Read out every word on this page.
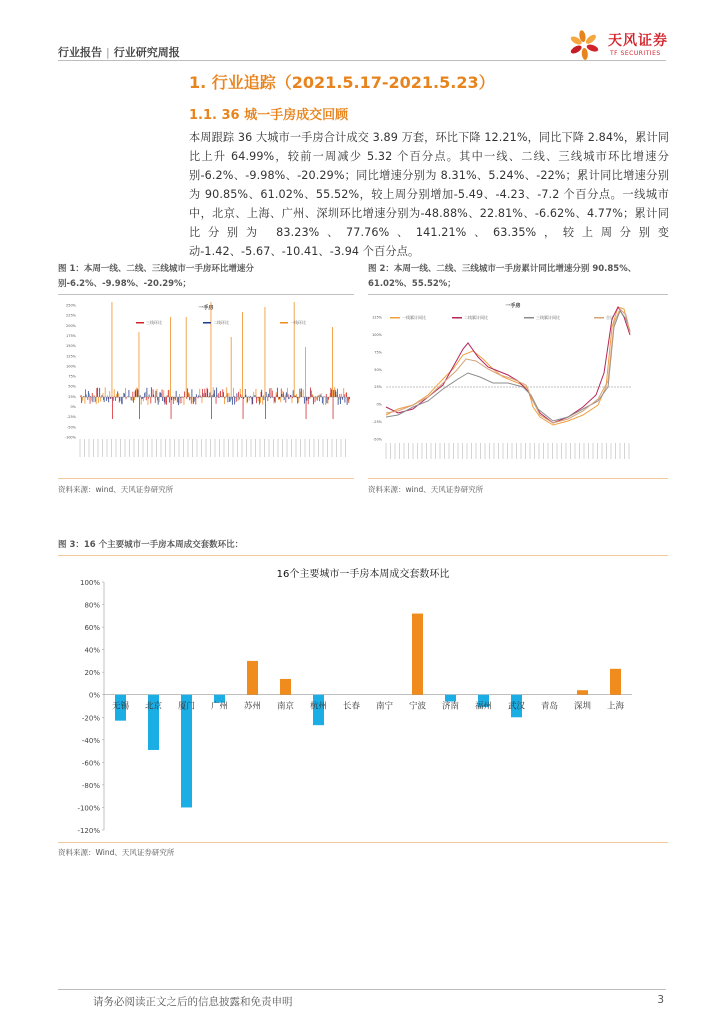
行业报告 | 行业研究周报
天风证券
TF SECURITIES
1. 行业追踪（2021.5.17-2021.5.23）
1.1. 36 城一手房成交回顾
本周跟踪 36 大城市一手房合计成交 3.89 万套，环比下降 12.21%，同比下降 2.84%，累计同比上升 64.99%，较前一周减少 5.32 个百分点。其中一线、二线、三线城市环比增速分别-6.2%、-9.98%、-20.29%；同比增速分别为 8.31%、5.24%、-22%；累计同比增速分别为 90.85%、61.02%、55.52%，较上周分别增加-5.49、-4.23、-7.2 个百分点。一线城市中，北京、上海、广州、深圳环比增速分别为-48.88%、22.81%、-6.62%、4.77%；累计同比分别为 83.23%、77.76%、141.21%、63.35%，较上周分别变动-1.42、-5.67、-10.41、-3.94 个百分点。
图 1：本周一线、二线、三线城市一手房环比增速分别-6.2%、-9.98%、-20.29%；
一手房
250%
225%
200%
175%
150%
125%
100%
75%
50%
25%
0%
-25%
-50%
-100%
三线环比	二线环比	一线环比
资料来源：wind、天风证券研究所
图 2：本周一线、二线、三线城市一手房累计同比增速分别 90.85%、61.02%、55.52%；
一手房
125%
100%
75%
50%
25%
0%
-25%
-50%
一线累计同比	二线累计同比	三线累计同比	合计
资料来源：wind、天风证券研究所
图 3：16 个主要城市一手房本周成交套数环比：
16个主要城市一手房本周成交套数环比
100%
80%
60%
40%
20%
0%
-20%
-40%
-60%
-80%
-100%
-120%
无锡 北京 厦门 广州 苏州 南京 杭州 长春 南宁 宁波 济南 福州 武汉 青岛 深圳 上海
资料来源：Wind、天风证券研究所
请务必阅读正文之后的信息披露和免责申明	3
